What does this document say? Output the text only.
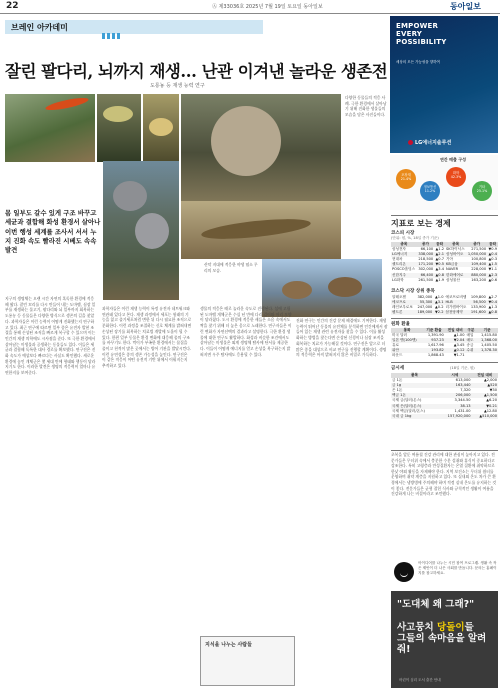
22	Ⓐ 제33036호 2025년 7월 19일 토요일 동아일보	동아일보
브레인 아카데미
잘린 팔다리, 뇌까지 재생… 난관 이겨낸 놀라운 생존전
도롱뇽 등 재생 능력 연구
다양한 동물들의 적응 사례. 극한 환경에서 살아남기 위해 진화한 생물들의 모습을 담은 사진들이다.
산악 지대에 적응한 야생 염소 무리의 모습.
몸 일부도 갈수 있게 구조 바꾸고 세균과 결합해 화성 환경서 살아나 이번 행성 세계를 조사서 서서 누 지 진화 속도 빨라진 시베도 속속 발견
지구의 생명체는 오랜 시간 자연의 혹독한 환경에 적응해 왔다. 잘린 꼬리를 다시 만들어 내는 도마뱀, 심장 일부를 재생하는 물고기, 팔다리와 뇌 일부까지 회복하는 도롱뇽 등 동물들은 다양한 방식으로 생존의 길을 찾았다. 과학자들은 이런 능력이 어떻게 진화했는지 연구하고 있다. 최근 연구에 따르면 일부 종은 유전자 발현 조절을 통해 손상된 조직을 빠르게 복구할 수 있으며 이는 인간의 재생 의학에도 시사점을 준다. 또 극한 환경에서 살아남는 미생물과 공생하는 동물들도 있다. 이들은 세균과 결합해 독특한 대사 경로를 확보했다. 연구진은 진화 속도가 예상보다 빠르다는 사실도 확인했다. 새로운 환경에 놓인 개체군은 몇 세대 만에 형태와 행동이 달라지기도 한다. 이러한 발견은 생명의 적응력이 얼마나 유연한지를 보여준다.
과학자들은 이런 재생 능력이 특정 유전자 네트워크와 연관돼 있다고 본다. 재생 과정에서 세포는 원래의 기능을 잃고 줄기세포처럼 변한 뒤 다시 필요한 조직으로 분화한다. 이런 과정을 조절하는 신호 체계를 밝혀내면 손상된 장기를 회복하는 치료법 개발에 도움이 될 수 있다. 한편 일부 동물은 환경 변화에 대응해 몸의 구조를 바꾸기도 한다. 먹이가 부족한 환경에서는 몸집을 줄이고 천적이 많은 곳에서는 방어 기관을 발달시킨다. 이런 유연성은 종의 생존 가능성을 높인다. 연구진은 이 같은 적응이 어떤 유전적 기반 위에서 이뤄지는지 추적하고 있다.
생물의 적응은 때로 놀라운 속도로 진행된다. 섬에 고립된 도마뱀 개체군은 수십 년 만에 다리 길이와 머리 모양이 달라졌다. 도시 환경에 적응한 새들은 소음 속에서도 짝을 찾기 위해 더 높은 음으로 노래한다. 연구자들은 이런 변화가 자연선택의 결과라고 설명한다. 극한 환경 생물에 대한 연구도 활발하다. 화성과 비슷한 조건에서도 살아남는 미생물은 외계 생명체 탐사에 단서를 제공한다. 이들이 어떻게 에너지를 얻고 손상을 복구하는지 밝혀지면 우주 탐사에도 응용될 수 있다.
진화 연구는 인간의 건강 문제 해결에도 기여한다. 재생 능력이 뛰어난 동물의 유전체를 분석하면 인간에게서 잠들어 있는 재생 관련 유전자를 찾을 수 있다. 이를 활성화하는 방법을 찾는다면 손상된 신경이나 심장 조직을 회복하는 치료가 가능해질 것이다. 연구진은 앞으로 더 많은 종을 대상으로 비교 연구를 진행할 계획이다. 생명의 적응력은 아직 밝혀지지 않은 비밀로 가득하다.
지식을 나누는 사람들
EMPOWER
EVERY
POSSIBILITY
세상의 모든 가능성을 향하여
LG에너지솔루션
연간 매출 구성
포장재
21.4%
정보통신
11.2%
화학
42.3%
기타
25.1%
지표로 보는 경제
코스피 시장
(단위: 원, %, 18일 종가 기준)
종목	종가	등락	종목	종가	등락
삼성전자	66,100	▲1.2	SK하이닉스	271,500	▼0.9
LG에너지	338,000	▲2.1	삼성바이오	1,050,000	▲0.4
현대차	218,500	▲0.7	기아	100,800	▲0.3
셀트리온	171,200	▼0.5	KB금융	109,400	▲1.5
POSCO홀딩스	302,000	▲3.4	NAVER	228,000	▼1.1
신한지주	66,400	▲0.8	한화에어로	880,000	▲2.3
LG화학	261,500	▲1.9	삼성물산	163,200	▲0.6
코스닥 시장 상위 종목
알테오젠	382,000	▲1.0	에코프로비엠	109,800	▲2.7
에코프로	55,300	▲3.1	HLB	56,500	▼0.4
레인보우로보	247,000	▲0.2	리가켐바이오	133,900	▲1.3
펩트론	189,000	▼2.2	삼천당제약	191,600	▲0.8
원화 환율
통화	기준 환율	전일 대비	구분	기준
미국 달러	1,391.90	▲1.00	매입	1,415.80
일본 엔(100엔)	937.23	▼2.04	매도	1,368.00
유로	1,617.96	▲3.45	송금	1,405.50
위안	193.82	▲0.12	수취	1,378.30
파운드	1,868.43	▼1.71		
금시세	(18일 기준, 원)
품목	시세	전일 대비
금 1돈	613,000	▲2,000
금 1g	163,440	▲520
은 1돈	7,320	▼30
백금 1돈	206,000	▲1,500
국제 금(달러/온스)	3,344.50	▲6.20
국제 은(달러/온스)	38.13	▼0.21
국제 백금(달러/온스)	1,431.00	▲12.80
국내 금 1kg	157,920,000	▲510,000
초복을 앞둔 여름철 건강 관리에 대한 관심이 높아지고 있다. 전문가들은 무더위 속에서 충분한 수분 섭취와 휴식이 중요하다고 강조한다. 특히 고령층과 만성질환자는 온열 질환에 취약하므로 한낮 야외 활동을 자제해야 한다. 지역 보건소는 무더위 쉼터를 운영하며 취약 계층을 지원하고 있다. 또 실내외 온도 차가 큰 환경에서는 냉방병에 주의해야 하며 적정 실내 온도를 유지하는 것이 좋다. 전문가들은 균형 잡힌 식사와 규칙적인 생활이 여름을 건강하게 나는 비결이라고 조언했다.
아이디어를 나누는 시민 참여 프로그램. 생활 속 작은 제안이 더 나은 사회를 만듭니다. 문의는 홈페이지를 참고하세요.
"도대체 왜 그래?"
사고뭉치 당돌이들
그들의 속마음을 알려줘!
어린이 심리 도서 출간 안내
